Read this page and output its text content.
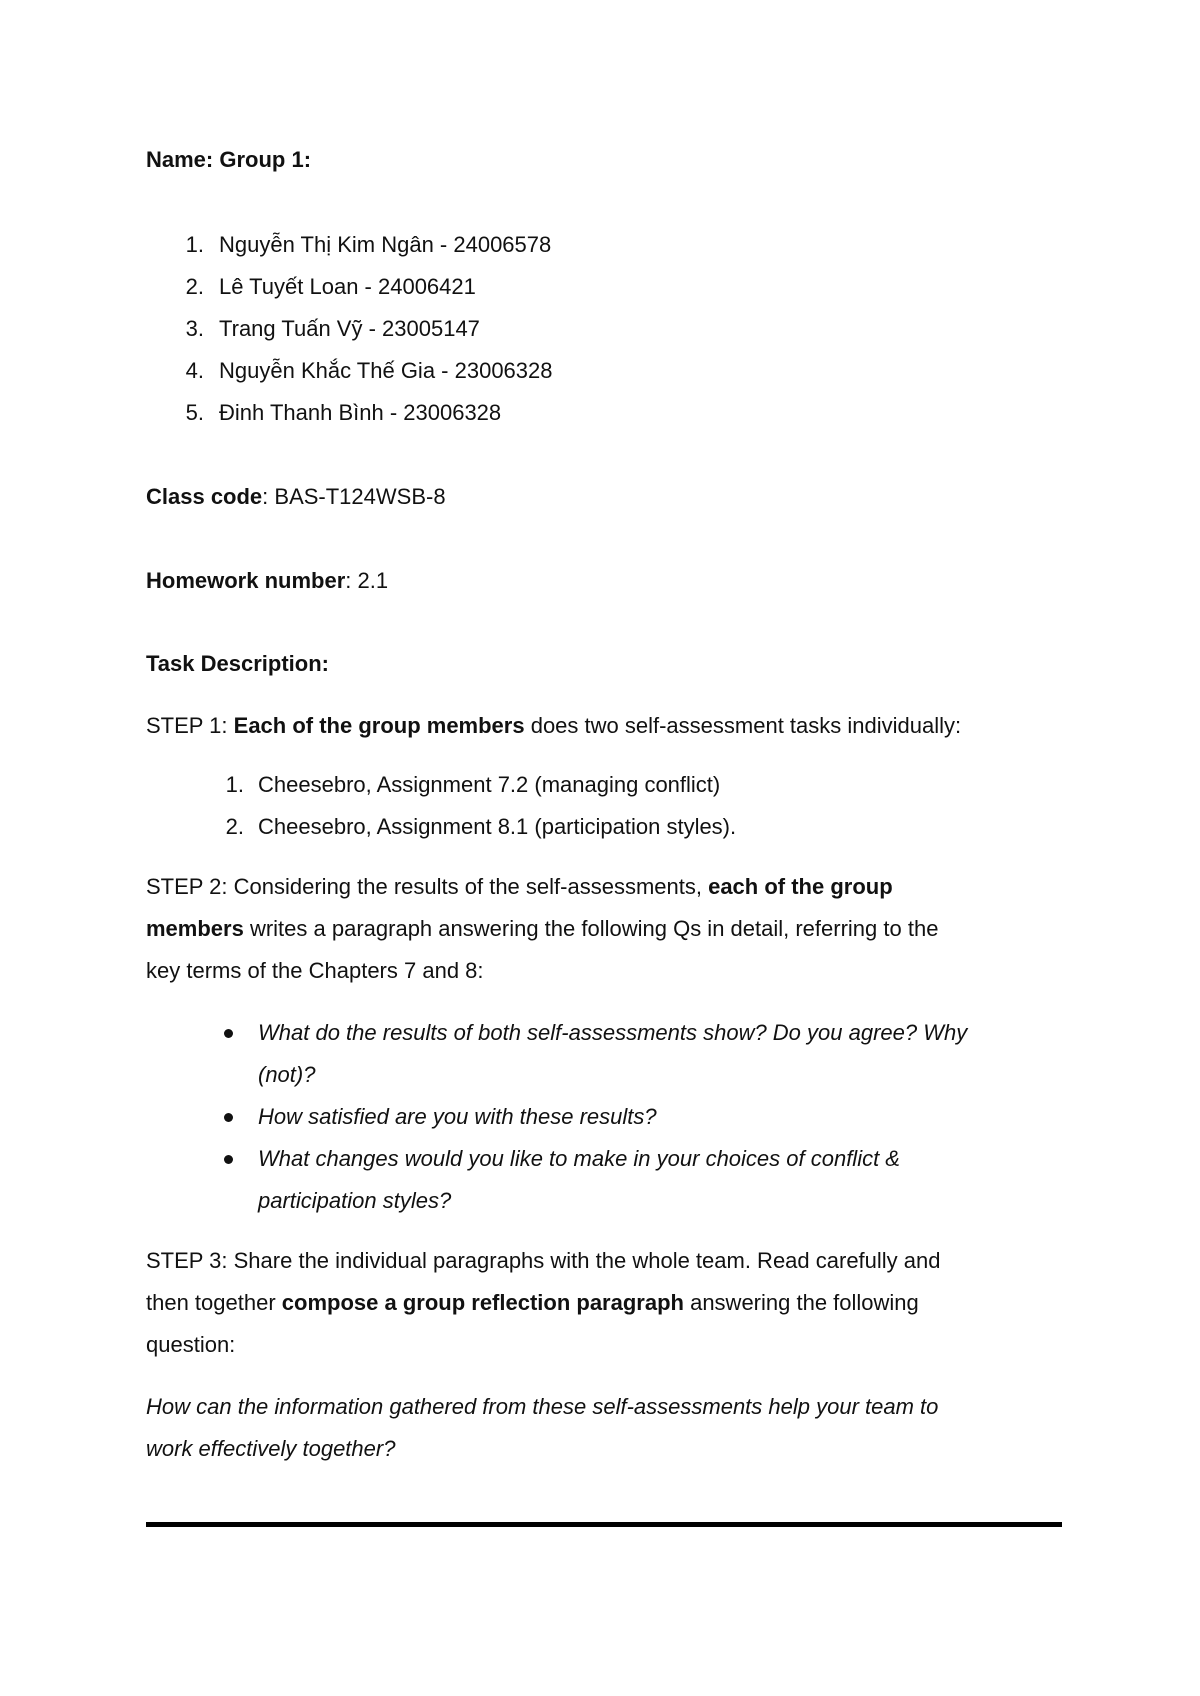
Name: Group 1:
1. Nguyễn Thị Kim Ngân - 24006578
2. Lê Tuyết Loan - 24006421
3. Trang Tuấn Vỹ - 23005147
4. Nguyễn Khắc Thế Gia - 23006328
5. Đinh Thanh Bình - 23006328
Class code: BAS-T124WSB-8
Homework number: 2.1
Task Description:
STEP 1: Each of the group members does two self-assessment tasks individually:
1. Cheesebro, Assignment 7.2 (managing conflict)
2. Cheesebro, Assignment 8.1 (participation styles).
STEP 2: Considering the results of the self-assessments, each of the group
members writes a paragraph answering the following Qs in detail, referring to the
key terms of the Chapters 7 and 8:
What do the results of both self-assessments show? Do you agree? Why
(not)?
How satisfied are you with these results?
What changes would you like to make in your choices of conflict &
participation styles?
STEP 3: Share the individual paragraphs with the whole team. Read carefully and
then together compose a group reflection paragraph answering the following
question:
How can the information gathered from these self-assessments help your team to
work effectively together?
